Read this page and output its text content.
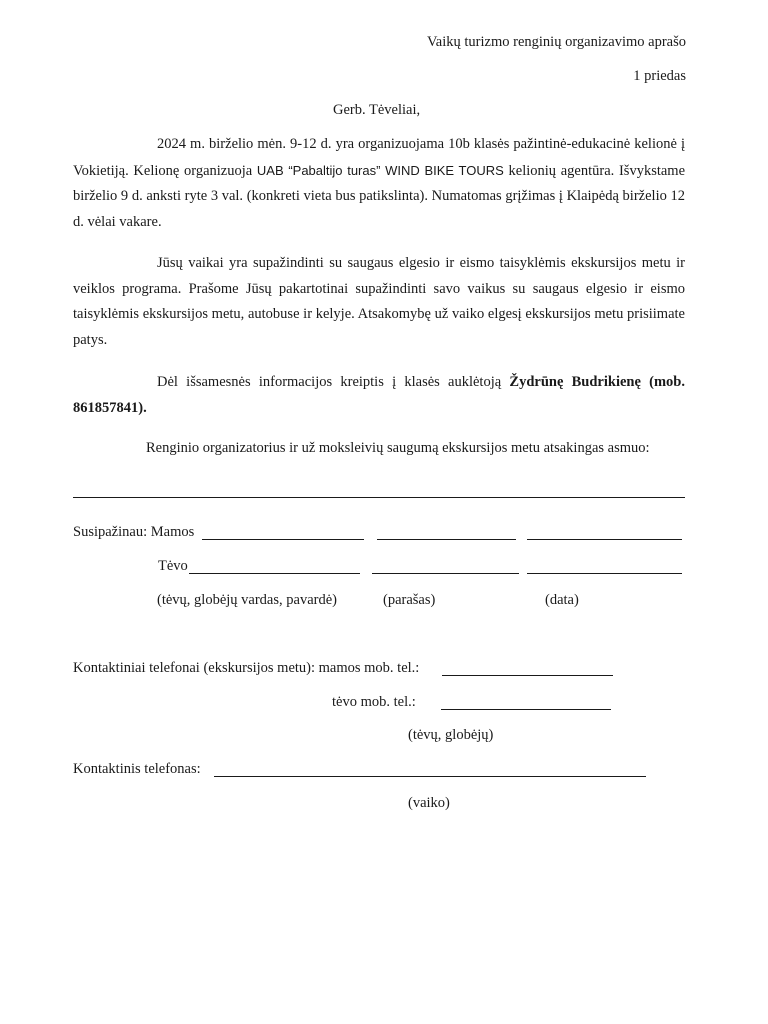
Vaikų turizmo renginių organizavimo aprašo
1 priedas
Gerb. Tėveliai,
2024 m. birželio mėn. 9-12 d. yra organizuojama 10b klasės pažintinė-edukacinė kelionė į Vokietiją. Kelionę organizuoja UAB “Pabaltijo turas” WIND BIKE TOURS kelionių agentūra. Išvykstame birželio 9 d. anksti ryte 3 val. (konkreti vieta bus patikslinta). Numatomas grįžimas į Klaipėdą birželio 12 d. vėlai vakare.
Jūsų vaikai yra supažindinti su saugaus elgesio ir eismo taisyklėmis ekskursijos metu ir veiklos programa. Prašome Jūsų pakartotinai supažindinti savo vaikus su saugaus elgesio ir eismo taisyklėmis ekskursijos metu, autobuse ir kelyje. Atsakomybę už vaiko elgesį ekskursijos metu prisiimate patys.
Dėl išsamesnės informacijos kreiptis į klasės auklėtoją Žydrūnę Budrikienę (mob. 861857841).
Renginio organizatorius ir už moksleivių saugumą ekskursijos metu atsakingas asmuo:
Susipažinau: Mamos
Tėvo
(tėvų, globėjų vardas, pavardė)	(parašas)	(data)
Kontaktiniai telefonai (ekskursijos metu): mamos mob. tel.:
tėvo mob. tel.:
(tėvų, globėjų)
Kontaktinis telefonas:
(vaiko)
